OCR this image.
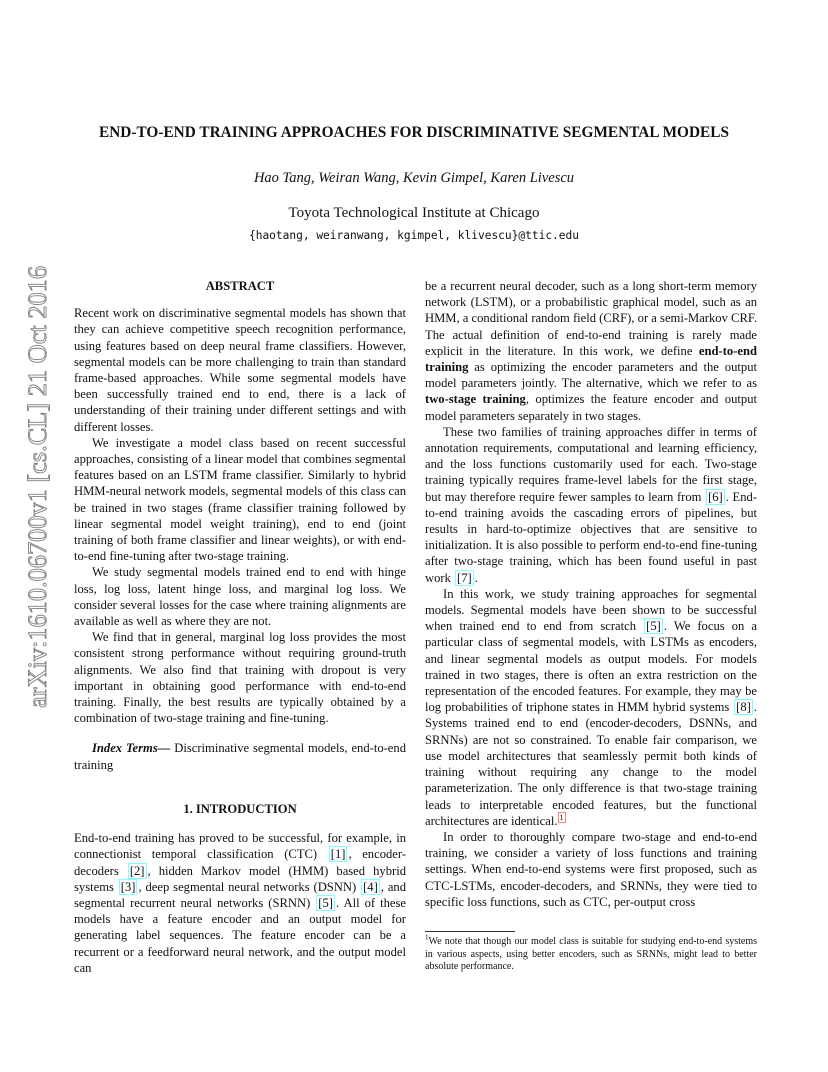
arXiv:1610.06700v1 [cs.CL] 21 Oct 2016
END-TO-END TRAINING APPROACHES FOR DISCRIMINATIVE SEGMENTAL MODELS
Hao Tang, Weiran Wang, Kevin Gimpel, Karen Livescu
Toyota Technological Institute at Chicago
{haotang, weiranwang, kgimpel, klivescu}@ttic.edu
ABSTRACT

Recent work on discriminative segmental models has shown that they can achieve competitive speech recognition performance, using features based on deep neural frame classifiers. However, segmental models can be more challenging to train than standard frame-based approaches. While some segmental models have been successfully trained end to end, there is a lack of understanding of their training under different settings and with different losses.

We investigate a model class based on recent successful approaches, consisting of a linear model that combines segmental features based on an LSTM frame classifier. Similarly to hybrid HMM-neural network models, segmental models of this class can be trained in two stages (frame classifier training followed by linear segmental model weight training), end to end (joint training of both frame classifier and linear weights), or with end-to-end fine-tuning after two-stage training.

We study segmental models trained end to end with hinge loss, log loss, latent hinge loss, and marginal log loss. We consider several losses for the case where training alignments are available as well as where they are not.

We find that in general, marginal log loss provides the most consistent strong performance without requiring ground-truth alignments. We also find that training with dropout is very important in obtaining good performance with end-to-end training. Finally, the best results are typically obtained by a combination of two-stage training and fine-tuning.

Index Terms— Discriminative segmental models, end-to-end training

1. INTRODUCTION

End-to-end training has proved to be successful, for example, in connectionist temporal classification (CTC) [1] , encoder-decoders [2] , hidden Markov model (HMM) based hybrid systems [3] , deep segmental neural networks (DSNN) [4] , and segmental recurrent neural networks (SRNN) [5] . All of these models have a feature encoder and an output model for generating label sequences. The feature encoder can be a recurrent or a feedforward neural network, and the output model can

be a recurrent neural decoder, such as a long short-term memory network (LSTM), or a probabilistic graphical model, such as an HMM, a conditional random field (CRF), or a semi-Markov CRF. The actual definition of end-to-end training is rarely made explicit in the literature. In this work, we define end-to-end training as optimizing the encoder parameters and the output model parameters jointly. The alternative, which we refer to as two-stage training, optimizes the feature encoder and output model parameters separately in two stages.

These two families of training approaches differ in terms of annotation requirements, computational and learning efficiency, and the loss functions customarily used for each. Two-stage training typically requires frame-level labels for the first stage, but may therefore require fewer samples to learn from [6] . End-to-end training avoids the cascading errors of pipelines, but results in hard-to-optimize objectives that are sensitive to initialization. It is also possible to perform end-to-end fine-tuning after two-stage training, which has been found useful in past work [7] .

In this work, we study training approaches for segmental models. Segmental models have been shown to be successful when trained end to end from scratch [5] . We focus on a particular class of segmental models, with LSTMs as encoders, and linear segmental models as output models. For models trained in two stages, there is often an extra restriction on the representation of the encoded features. For example, they may be log probabilities of triphone states in HMM hybrid systems [8] . Systems trained end to end (encoder-decoders, DSNNs, and SRNNs) are not so constrained. To enable fair comparison, we use model architectures that seamlessly permit both kinds of training without requiring any change to the model parameterization. The only difference is that two-stage training leads to interpretable encoded features, but the functional architectures are identical. $^1$

In order to thoroughly compare two-stage and end-to-end training, we consider a variety of loss functions and training settings. When end-to-end systems were first proposed, such as CTC-LSTMs, encoder-decoders, and SRNNs, they were tied to specific loss functions, such as CTC, per-output cross

$^1$We note that though our model class is suitable for studying end-to-end systems in various aspects, using better encoders, such as SRNNs, might lead to better absolute performance.
